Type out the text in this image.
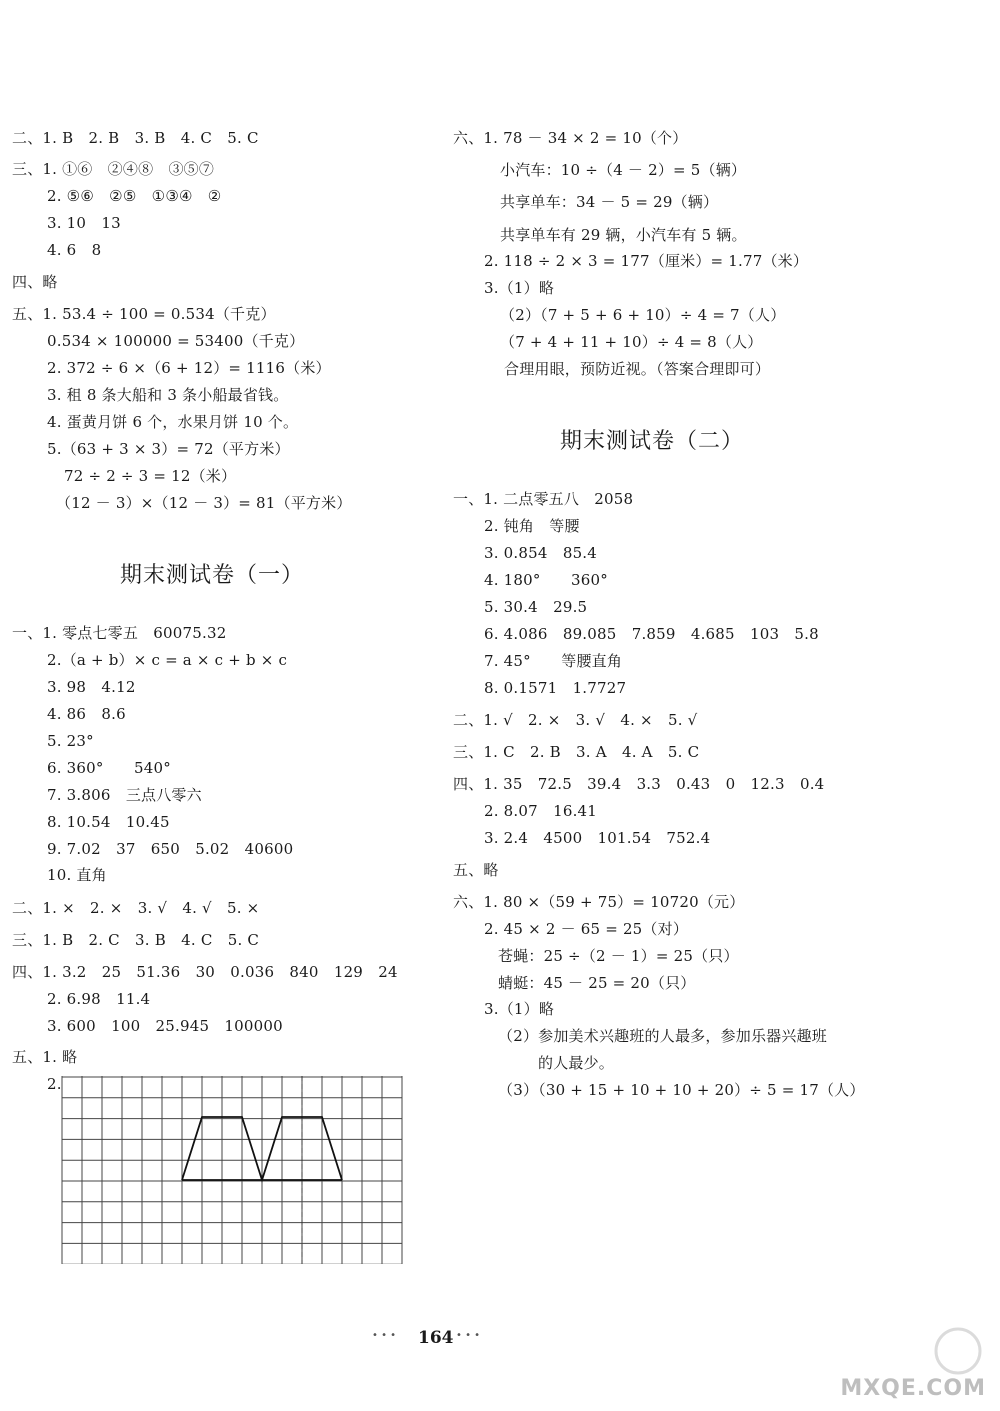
二、1. B　2. B　3. B　4. C　5. C
三、1. ①⑥　②④⑧　③⑤⑦
2. ⑤⑥　②⑤　①③④　②
3. 10　13
4. 6　8
四、略
五、1. 53.4 ÷ 100 = 0.534（千克）
0.534 × 100000 = 53400（千克）
2. 372 ÷ 6 ×（6 + 12）= 1116（米）
3. 租 8 条大船和 3 条小船最省钱。
4. 蛋黄月饼 6 个，水果月饼 10 个。
5.（63 + 3 × 3）= 72（平方米）
72 ÷ 2 ÷ 3 = 12（米）
（12 － 3）×（12 － 3）= 81（平方米）
一、1. 零点七零五　60075.32
2.（a + b）× c = a × c + b × c
3. 98　4.12
4. 86　8.6
5. 23°
6. 360°　　540°
7. 3.806　三点八零六
8. 10.54　10.45
9. 7.02　37　650　5.02　40600
10. 直角
二、1. ×　2. ×　3. √　4. √　5. ×
三、1. B　2. C　3. B　4. C　5. C
四、1. 3.2　25　51.36　30　0.036　840　129　24
2. 6.98　11.4
3. 600　100　25.945　100000
五、1. 略
2.
六、1. 78 － 34 × 2 = 10（个）
小汽车：10 ÷（4 － 2）= 5（辆）
共享单车：34 － 5 = 29（辆）
共享单车有 29 辆，小汽车有 5 辆。
2. 118 ÷ 2 × 3 = 177（厘米）= 1.77（米）
3.（1）略
（2）（7 + 5 + 6 + 10）÷ 4 = 7（人）
（7 + 4 + 11 + 10）÷ 4 = 8（人）
合理用眼，预防近视。（答案合理即可）
一、1. 二点零五八　2058
2. 钝角　等腰
3. 0.854　85.4
4. 180°　　360°
5. 30.4　29.5
6. 4.086　89.085　7.859　4.685　103　5.8
7. 45°　　等腰直角
8. 0.1571　1.7727
二、1. √　2. ×　3. √　4. ×　5. √
三、1. C　2. B　3. A　4. A　5. C
四、1. 35　72.5　39.4　3.3　0.43　0　12.3　0.4
2. 8.07　16.41
3. 2.4　4500　101.54　752.4
五、略
六、1. 80 ×（59 + 75）= 10720（元）
2. 45 × 2 － 65 = 25（对）
苍蝇：25 ÷（2 － 1）= 25（只）
蜻蜓：45 － 25 = 20（只）
3.（1）略
（2）参加美术兴趣班的人最多，参加乐器兴趣班
的人最少。
（3）（30 + 15 + 10 + 10 + 20）÷ 5 = 17（人）
期末测试卷（一）
期末测试卷（二）
• • • 164 • • •
MXQE.COM
